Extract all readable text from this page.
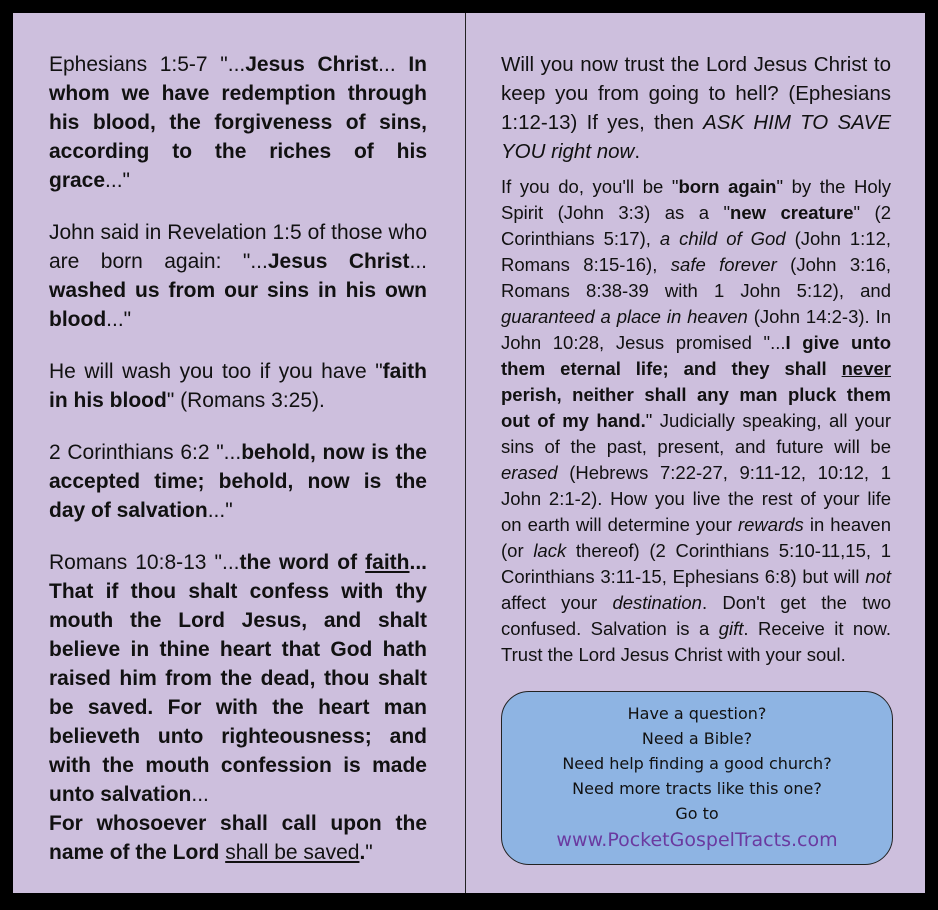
Ephesians 1:5-7 "...Jesus Christ... In whom we have redemption through his blood, the forgiveness of sins, according to the riches of his grace..."

John said in Revelation 1:5 of those who are born again: "...Jesus Christ... washed us from our sins in his own blood..."

He will wash you too if you have "faith in his blood" (Romans 3:25).

2 Corinthians 6:2 "...behold, now is the accepted time; behold, now is the day of salvation..."

Romans 10:8-13 "...the word of faith... That if thou shalt confess with thy mouth the Lord Jesus, and shalt believe in thine heart that God hath raised him from the dead, thou shalt be saved. For with the heart man believeth unto righteousness; and with the mouth confession is made unto salvation...

For whosoever shall call upon the name of the Lord shall be saved."

Will you now trust the Lord Jesus Christ to keep you from going to hell? (Ephesians 1:12-13) If yes, then ASK HIM TO SAVE YOU right now.

If you do, you'll be "born again" by the Holy Spirit (John 3:3) as a "new creature" (2 Corinthians 5:17), a child of God (John 1:12, Romans 8:15-16), safe forever (John 3:16, Romans 8:38-39 with 1 John 5:12), and guaranteed a place in heaven (John 14:2-3). In John 10:28, Jesus promised "...I give unto them eternal life; and they shall never perish, neither shall any man pluck them out of my hand." Judicially speaking, all your sins of the past, present, and future will be erased (Hebrews 7:22-27, 9:11-12, 10:12, 1 John 2:1-2). How you live the rest of your life on earth will determine your rewards in heaven (or lack thereof) (2 Corinthians 5:10-11,15, 1 Corinthians 3:11-15, Ephesians 6:8) but will not affect your destination. Don't get the two confused. Salvation is a gift. Receive it now. Trust the Lord Jesus Christ with your soul.

Have a question?
Need a Bible?
Need help finding a good church?
Need more tracts like this one?
Go to
www.PocketGospelTracts.com
